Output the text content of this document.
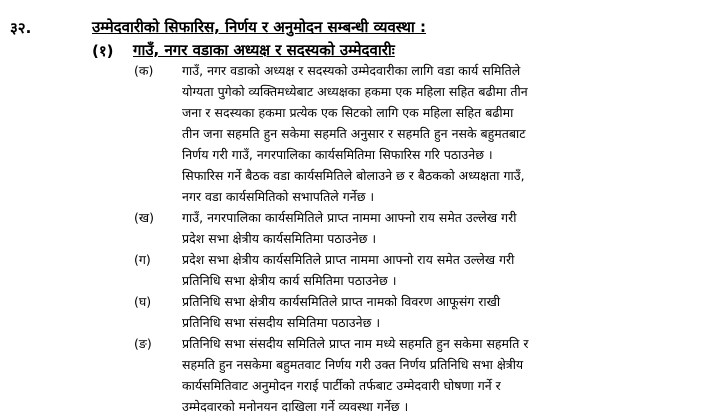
३२.	उम्मेदवारीको सिफारिस, निर्णय र अनुमोदन सम्बन्धी व्यवस्था :
(१) गाउँ, नगर वडाका अध्यक्ष र सदस्यको उम्मेदवारीः
(क) गाउँ, नगर वडाको अध्यक्ष र सदस्यको उम्मेदवारीका लागि वडा कार्य समितिले
योग्यता पुगेको व्यक्तिमध्येबाट अध्यक्षका हकमा एक महिला सहित बढीमा तीन
जना र सदस्यका हकमा प्रत्येक एक सिटको लागि एक महिला सहित बढीमा
तीन जना सहमति हुन सकेमा सहमति अनुसार र सहमति हुन नसके बहुमतबाट
निर्णय गरी गाउँ, नगरपालिका कार्यसमितिमा सिफारिस गरि पठाउनेछ ।
सिफारिस गर्ने बैठक वडा कार्यसमितिले बोलाउने छ र बैठकको अध्यक्षता गाउँ,
नगर वडा कार्यसमितिको सभापतिले गर्नेछ ।
(ख) गाउँ, नगरपालिका कार्यसमितिले प्राप्त नाममा आफ्नो राय समेत उल्लेख गरी
प्रदेश सभा क्षेत्रीय कार्यसमितिमा पठाउनेछ ।
(ग) प्रदेश सभा क्षेत्रीय कार्यसमितिले प्राप्त नाममा आफ्नो राय समेत उल्लेख गरी
प्रतिनिधि सभा क्षेत्रीय कार्य समितिमा पठाउनेछ ।
(घ) प्रतिनिधि सभा क्षेत्रीय कार्यसमितिले प्राप्त नामको विवरण आफूसंग राखी
प्रतिनिधि सभा संसदीय समितिमा पठाउनेछ ।
(ङ) प्रतिनिधि सभा संसदीय समितिले प्राप्त नाम मध्ये सहमति हुन सकेमा सहमति र
सहमति हुन नसकेमा बहुमतवाट निर्णय गरी उक्त निर्णय प्रतिनिधि सभा क्षेत्रीय
कार्यसमितिवाट अनुमोदन गराई पार्टीको तर्फबाट उम्मेदवारी घोषणा गर्ने र
उम्मेदवारको मनोनयन दाखिला गर्ने व्यवस्था गर्नेछ ।
